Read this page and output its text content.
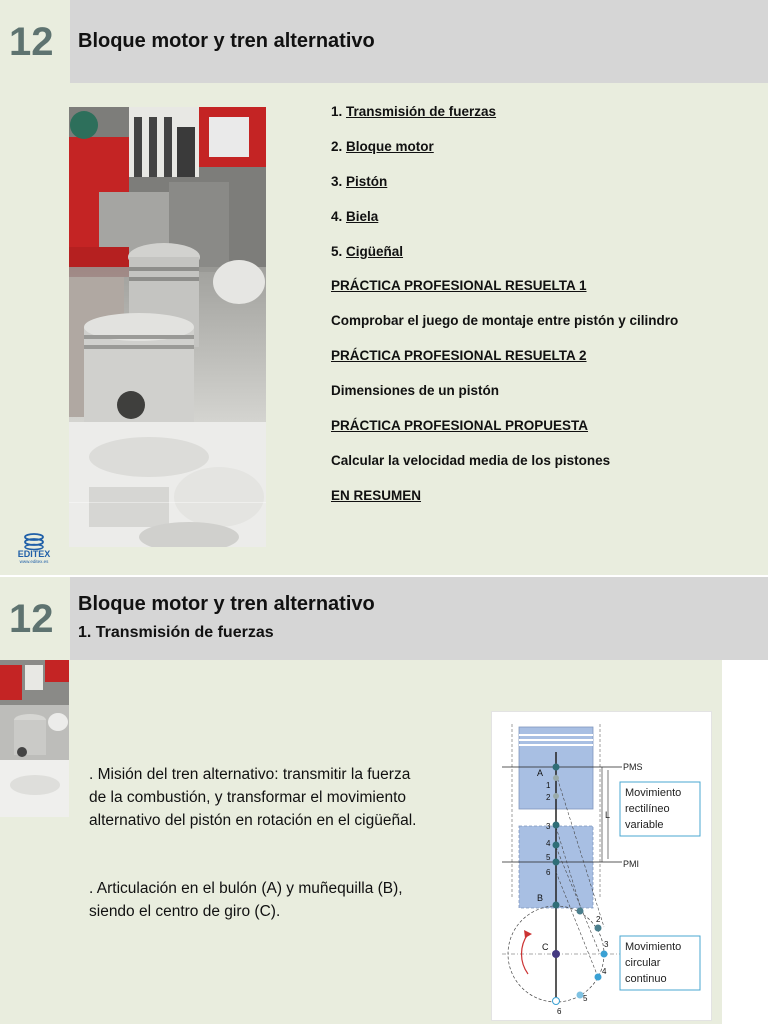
12 Bloque motor y tren alternativo
1. Transmisión de fuerzas
2. Bloque motor
3. Pistón
4. Biela
5. Cigüeñal
PRÁCTICA PROFESIONAL RESUELTA 1
Comprobar el juego de montaje entre pistón y cilindro
PRÁCTICA PROFESIONAL RESUELTA 2
Dimensiones de un pistón
PRÁCTICA PROFESIONAL PROPUESTA
Calcular la velocidad media de los pistones
EN RESUMEN
EDITEX
www.editex.es
12 Bloque motor y tren alternativo
1. Transmisión de fuerzas

. Misión del tren alternativo: transmitir la fuerza de la combustión, y transformar el movimiento alternativo del pistón en rotación en el cigüeñal.

. Articulación en el bulón (A) y muñequilla (B), siendo el centro de giro (C).

PMS
PMI
L
A
B
C
1
2
3
4
5
6
2
3
4
5
6
Movimiento
rectilíneo
variable
Movimiento
circular
continuo
